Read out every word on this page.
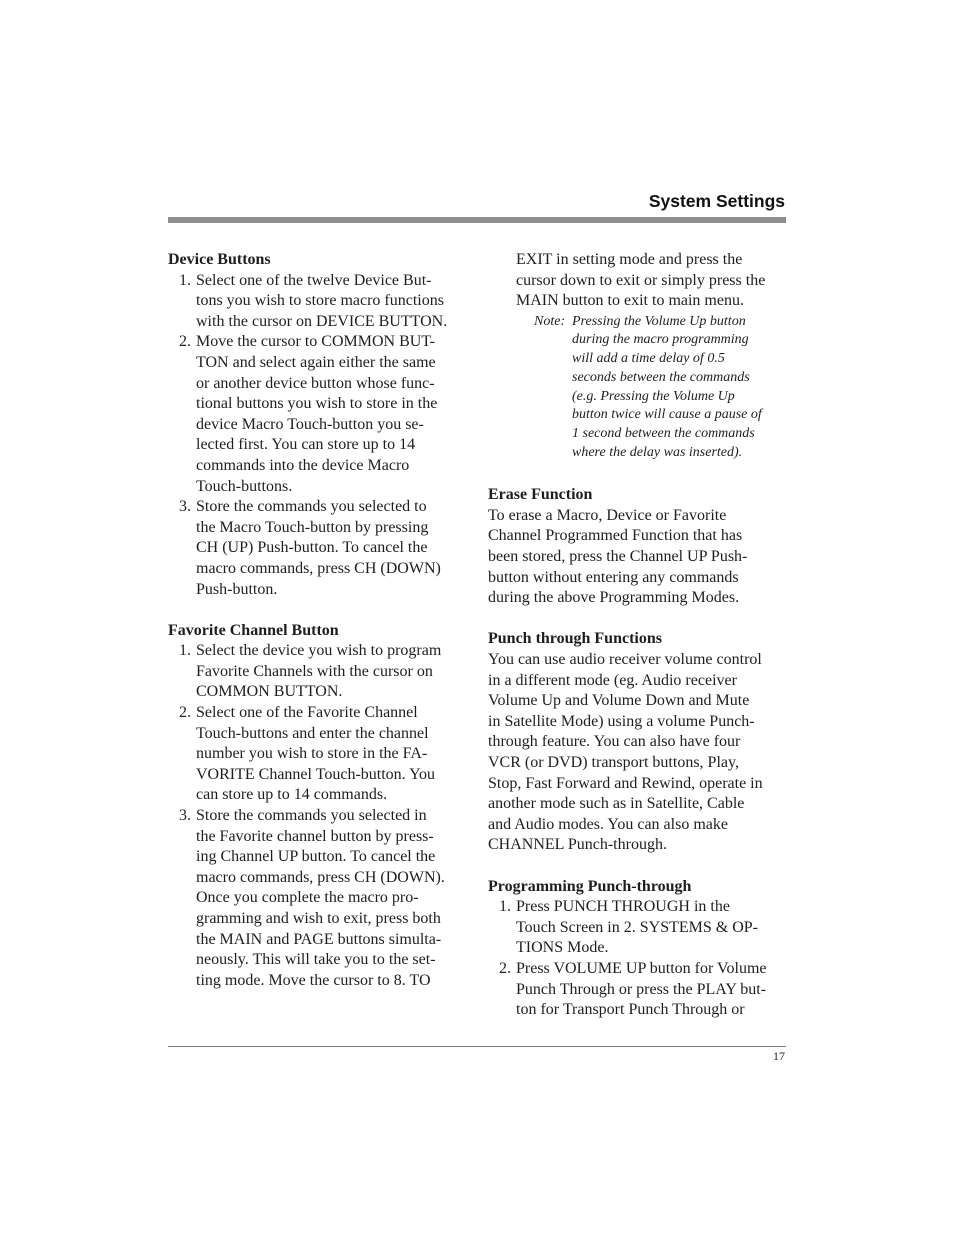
System Settings
Device Buttons
1. Select one of the twelve Device But-
tons you wish to store macro functions
with the cursor on DEVICE BUTTON.
2. Move the cursor to COMMON BUT-
TON and select again either the same
or another device button whose func-
tional buttons you wish to store in the
device Macro Touch-button you se-
lected first. You can store up to 14
commands into the device Macro
Touch-buttons.
3. Store the commands you selected to
the Macro Touch-button by pressing
CH (UP) Push-button. To cancel the
macro commands, press CH (DOWN)
Push-button.
Favorite Channel Button
1. Select the device you wish to program
Favorite Channels with the cursor on
COMMON BUTTON.
2. Select one of the Favorite Channel
Touch-buttons and enter the channel
number you wish to store in the FA-
VORITE Channel Touch-button. You
can store up to 14 commands.
3. Store the commands you selected in
the Favorite channel button by press-
ing Channel UP button. To cancel the
macro commands, press CH (DOWN).
Once you complete the macro pro-
gramming and wish to exit, press both
the MAIN and PAGE buttons simulta-
neously. This will take you to the set-
ting mode. Move the cursor to 8. TO
EXIT in setting mode and press the
cursor down to exit or simply press the
MAIN button to exit to main menu.
Note: Pressing the Volume Up button
during the macro programming
will add a time delay of 0.5
seconds between the commands
(e.g. Pressing the Volume Up
button twice will cause a pause of
1 second between the commands
where the delay was inserted).
Erase Function
To erase a Macro, Device or Favorite
Channel Programmed Function that has
been stored, press the Channel UP Push-
button without entering any commands
during the above Programming Modes.
Punch through Functions
You can use audio receiver volume control
in a different mode (eg. Audio receiver
Volume Up and Volume Down and Mute
in Satellite Mode) using a volume Punch-
through feature. You can also have four
VCR (or DVD) transport buttons, Play,
Stop, Fast Forward and Rewind, operate in
another mode such as in Satellite, Cable
and Audio modes. You can also make
CHANNEL Punch-through.
Programming Punch-through
1. Press PUNCH THROUGH in the
Touch Screen in 2. SYSTEMS & OP-
TIONS Mode.
2. Press VOLUME UP button for Volume
Punch Through or press the PLAY but-
ton for Transport Punch Through or
17
